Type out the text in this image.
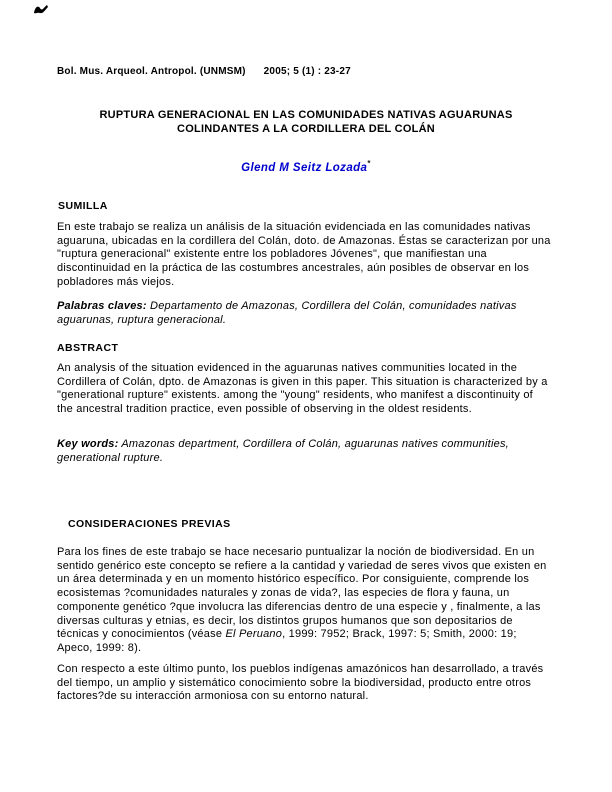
Bol. Mus. Arqueol. Antropol. (UNMSM) 2005; 5 (1) : 23-27
RUPTURA GENERACIONAL EN LAS COMUNIDADES NATIVAS AGUARUNAS
COLINDANTES A LA CORDILLERA DEL COLÁN
Glend M Seitz Lozada*
SUMILLA

En este trabajo se realiza un análisis de la situación evidenciada en las comunidades nativas aguaruna, ubicadas en la cordillera del Colán, doto. de Amazonas. Éstas se caracterizan por una "ruptura generacional" existente entre los pobladores Jóvenes", que manifiestan una discontinuidad en la práctica de las costumbres ancestrales, aún posibles de observar en los pobladores más viejos.

Palabras claves: Departamento de Amazonas, Cordillera del Colán, comunidades nativas aguarunas, ruptura generacional.

ABSTRACT

An analysis of the situation evidenced in the aguarunas natives communities located in the Cordillera of Colán, dpto. de Amazonas is given in this paper. This situation is characterized by a "generational rupture" existents. among the "young" residents, who manifest a discontinuity of the ancestral tradition practice, even possible of observing in the oldest residents.

Key words: Amazonas department, Cordillera of Colán, aguarunas natives communities, generational rupture.

CONSIDERACIONES PREVIAS

Para los fines de este trabajo se hace necesario puntualizar la noción de biodiversidad. En un sentido genérico este concepto se refiere a la cantidad y variedad de seres vivos que existen en un área determinada y en un momento histórico específico. Por consiguiente, comprende los ecosistemas ?comunidades naturales y zonas de vida?, las especies de flora y fauna, un componente genético ?que involucra las diferencias dentro de una especie y , finalmente, a las diversas culturas y etnias, es decir, los distintos grupos humanos que son depositarios de técnicas y conocimientos (véase El Peruano, 1999: 7952; Brack, 1997: 5; Smith, 2000: 19; Apeco, 1999: 8).

Con respecto a este último punto, los pueblos indígenas amazónicos han desarrollado, a través del tiempo, un amplio y sistemático conocimiento sobre la biodiversidad, producto entre otros factores?de su interacción armoniosa con su entorno natural.
